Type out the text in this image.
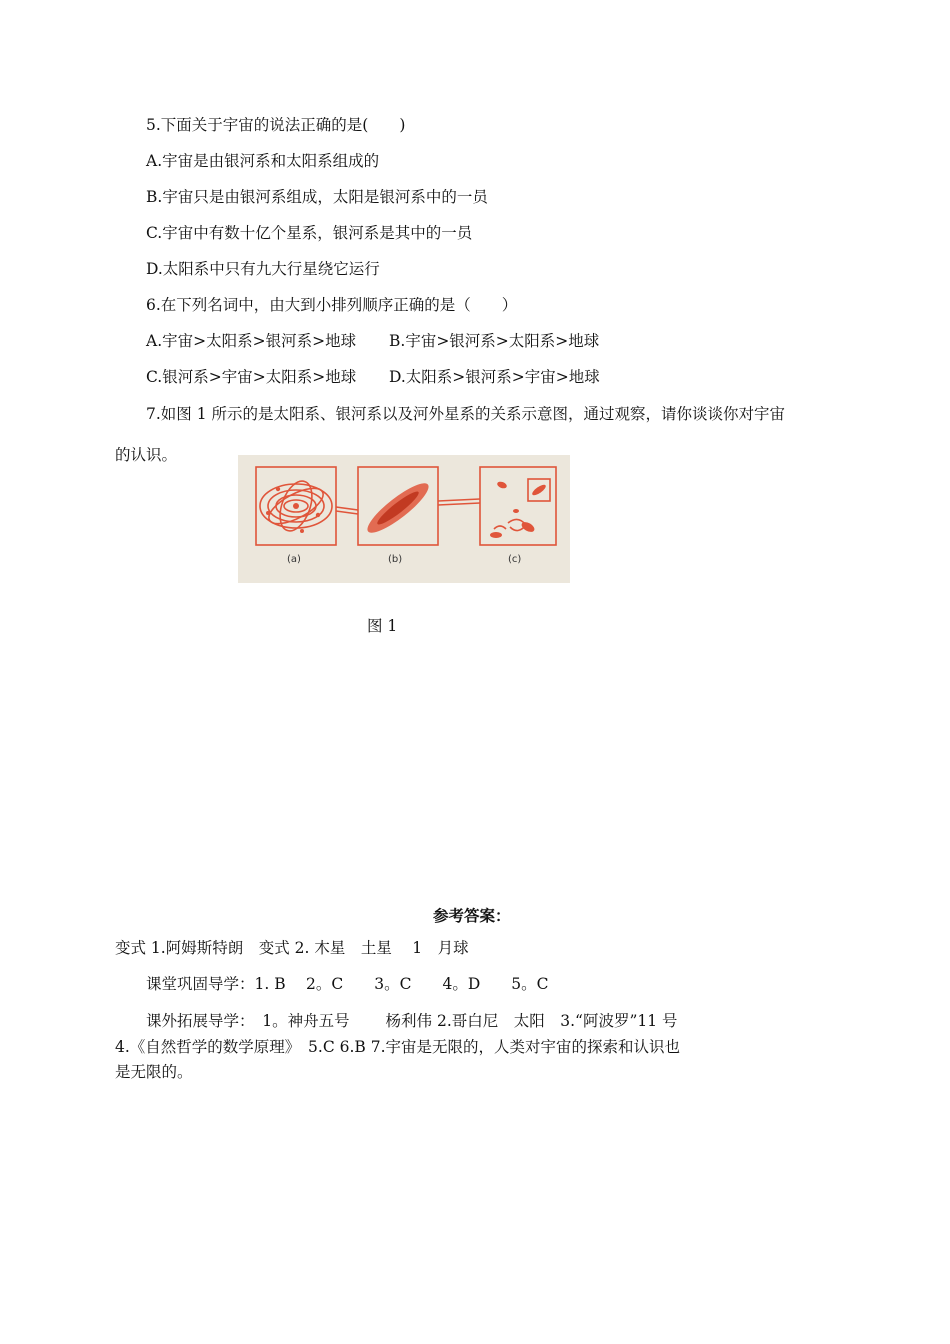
5.下面关于宇宙的说法正确的是(　　)
A.宇宙是由银河系和太阳系组成的
B.宇宙只是由银河系组成，太阳是银河系中的一员
C.宇宙中有数十亿个星系，银河系是其中的一员
D.太阳系中只有九大行星绕它运行
6.在下列名词中，由大到小排列顺序正确的是（　　）
A.宇宙>太阳系>银河系>地球 B.宇宙>银河系>太阳系>地球
C.银河系>宇宙>太阳系>地球 D.太阳系>银河系>宇宙>地球
7.如图 1 所示的是太阳系、银河系以及河外星系的关系示意图，通过观察，请你谈谈你对宇宙
的认识。
(a)	(b)	(c)
图 1
参考答案：
变式 1.阿姆斯特朗　变式 2. 木星　土星　 1　月球
课堂巩固导学：1. B　 2。C　　3。C　　4。D　　5。C
课外拓展导学：　1。神舟五号　　 杨利伟 2.哥白尼　太阳　3.“阿波罗”11 号
4.《自然哲学的数学原理》　5.C 6.B 7.宇宙是无限的，人类对宇宙的探索和认识也
是无限的。
